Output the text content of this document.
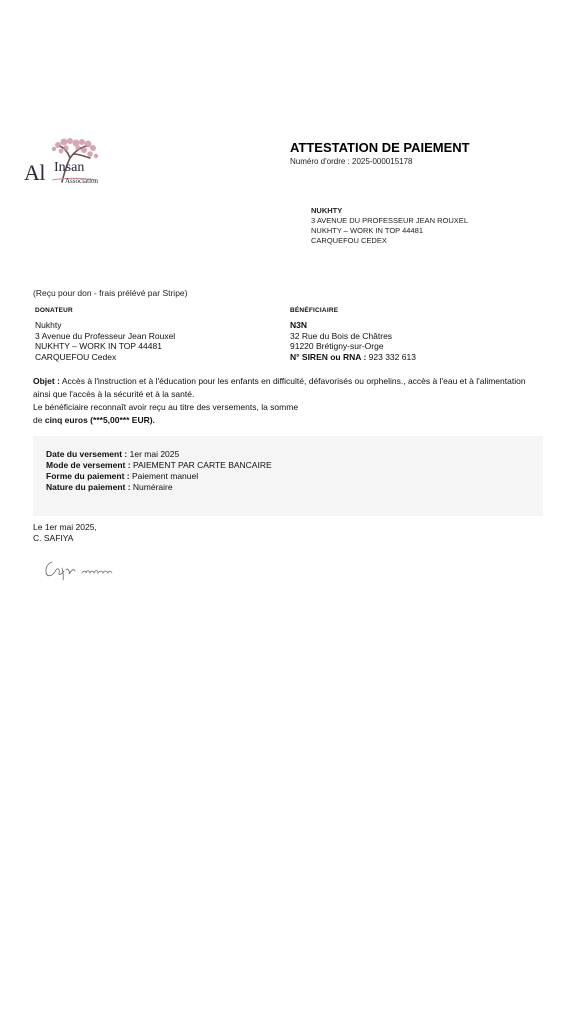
Al Insan
Association
ATTESTATION DE PAIEMENT
Numéro d'ordre : 2025-000015178
NUKHTY
3 AVENUE DU PROFESSEUR JEAN ROUXEL
NUKHTY – WORK IN TOP 44481
CARQUEFOU CEDEX
(Reçu pour don - frais prélévé par Stripe)
DONATEUR
Nukhty
3 Avenue du Professeur Jean Rouxel
NUKHTY – WORK IN TOP 44481
CARQUEFOU Cedex
BÉNÉFICIAIRE
N3N
32 Rue du Bois de Châtres
91220 Brétigny-sur-Orge
N° SIREN ou RNA : 923 332 613
Objet : Accès à l'instruction et à l'éducation pour les enfants en difficulté, défavorisés ou orphelins., accès à l'eau et à l'alimentation ainsi que l'accès à la sécurité et à la santé.
Le bénéficiaire reconnaît avoir reçu au titre des versements, la somme
de cinq euros (***5,00*** EUR).
Date du versement : 1er mai 2025
Mode de versement : PAIEMENT PAR CARTE BANCAIRE
Forme du paiement : Paiement manuel
Nature du paiement : Numéraire
Le 1er mai 2025,
C. SAFIYA
